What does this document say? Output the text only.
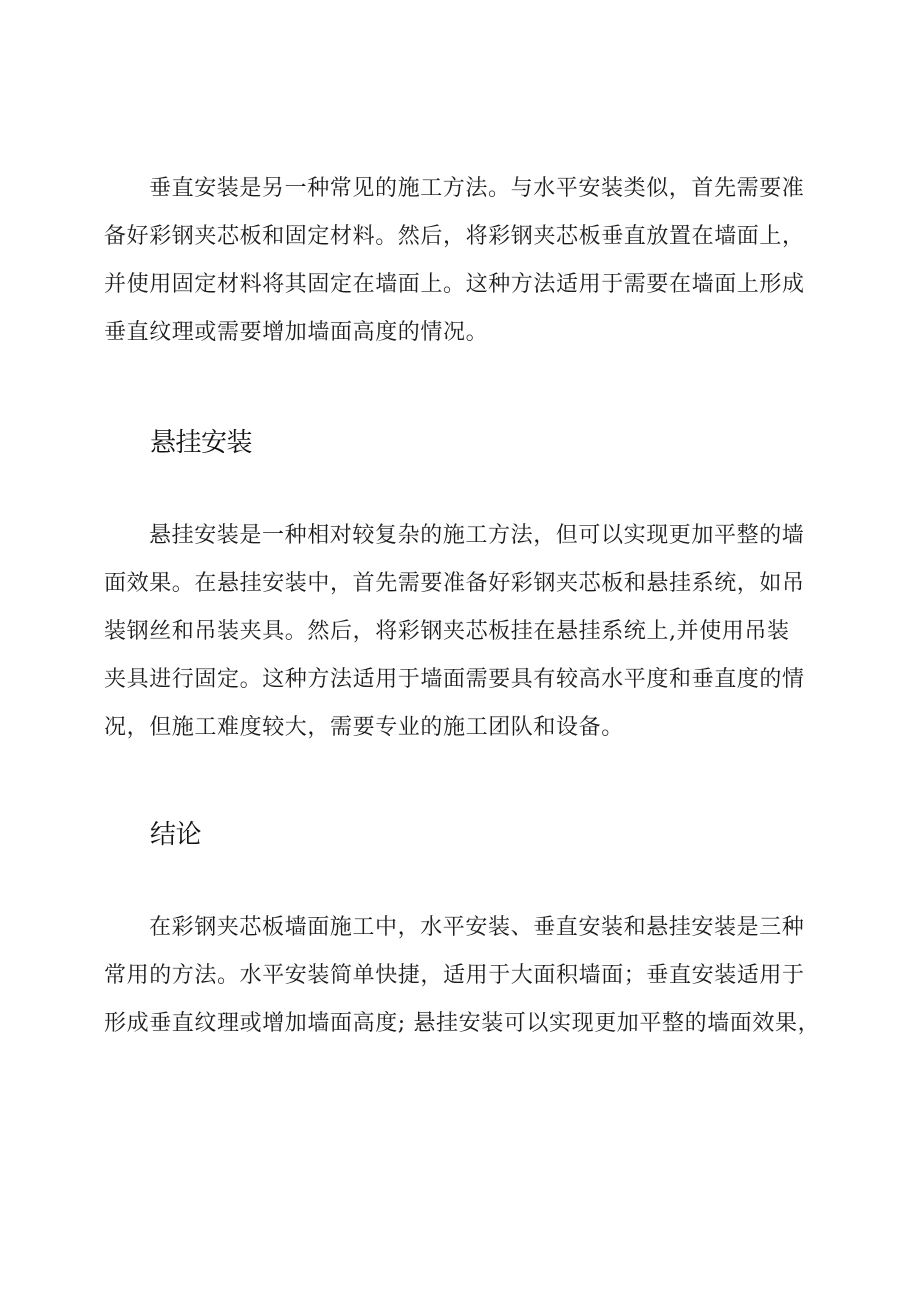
垂直安装是另一种常见的施工方法。与水平安装类似，首先需要准

备好彩钢夹芯板和固定材料。然后，将彩钢夹芯板垂直放置在墙面上，

并使用固定材料将其固定在墙面上。这种方法适用于需要在墙面上形成

垂直纹理或需要增加墙面高度的情况。

悬挂安装

悬挂安装是一种相对较复杂的施工方法，但可以实现更加平整的墙

面效果。在悬挂安装中，首先需要准备好彩钢夹芯板和悬挂系统，如吊

装钢丝和吊装夹具。然后，将彩钢夹芯板挂在悬挂系统上,并使用吊装

夹具进行固定。这种方法适用于墙面需要具有较高水平度和垂直度的情

况，但施工难度较大，需要专业的施工团队和设备。

结论

在彩钢夹芯板墙面施工中，水平安装、垂直安装和悬挂安装是三种

常用的方法。水平安装简单快捷，适用于大面积墙面；垂直安装适用于

形成垂直纹理或增加墙面高度; 悬挂安装可以实现更加平整的墙面效果，
